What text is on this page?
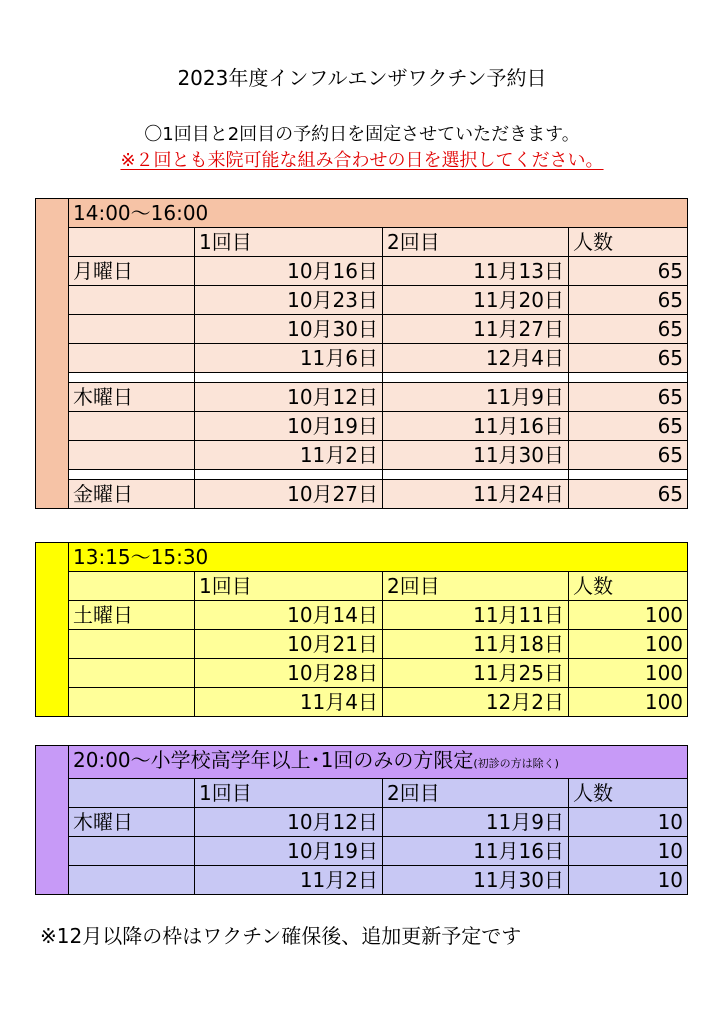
2023年度インフルエンザワクチン予約日
〇1回目と2回目の予約日を固定させていただきます。
※２回とも来院可能な組み合わせの日を選択してください。
	14:00～16:00			
		1回目	2回目	人数
	月曜日	10月16日	11月13日	65
		10月23日	11月20日	65
		10月30日	11月27日	65
		11月6日	12月4日	65

	木曜日	10月12日	11月9日	65
		10月19日	11月16日	65
		11月2日	11月30日	65

	金曜日	10月27日	11月24日	65
	13:15～15:30			
		1回目	2回目	人数
	土曜日	10月14日	11月11日	100
		10月21日	11月18日	100
		10月28日	11月25日	100
		11月4日	12月2日	100
	20:00～小学校高学年以上･1回のみの方限定(初診の方は除く)			
		1回目	2回目	人数
	木曜日	10月12日	11月9日	10
		10月19日	11月16日	10
		11月2日	11月30日	10
※12月以降の枠はワクチン確保後、追加更新予定です
